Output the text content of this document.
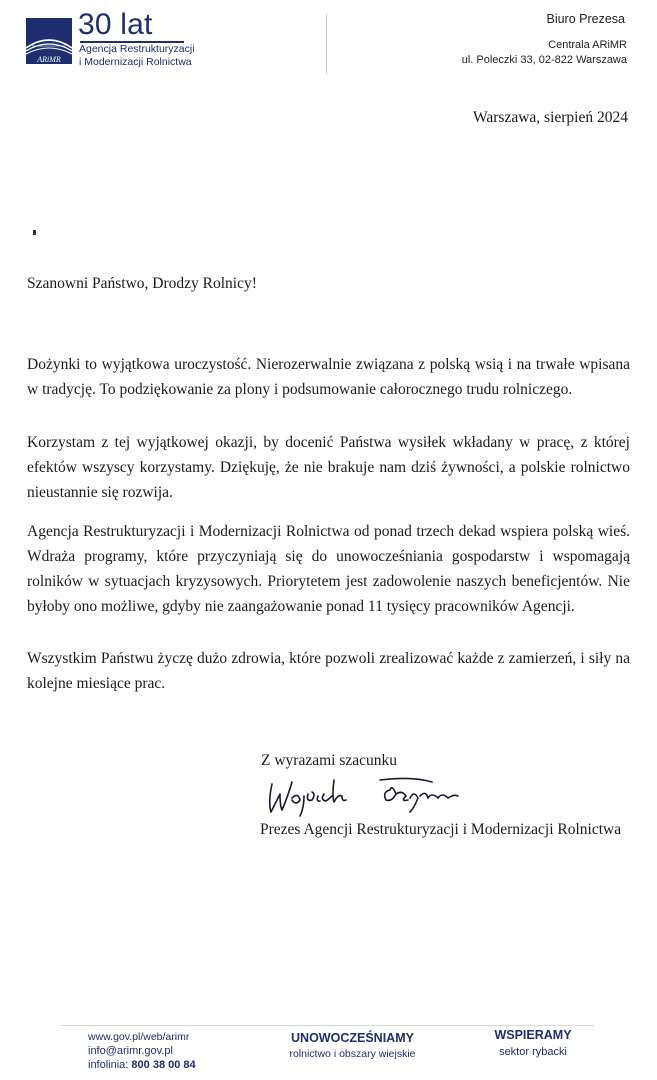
ARiMR
30 lat
Agencja Restrukturyzacji
i Modernizacji Rolnictwa
Biuro Prezesa
Centrala ARiMR
ul. Poleczki 33, 02-822 Warszawa
Warszawa, sierpień 2024
Szanowni Państwo, Drodzy Rolnicy!

Dożynki to wyjątkowa uroczystość. Nierozerwalnie związana z polską wsią i na trwałe wpisana w tradycję. To podziękowanie za plony i podsumowanie całorocznego trudu rolniczego.

Korzystam z tej wyjątkowej okazji, by docenić Państwa wysiłek wkładany w pracę, z której efektów wszyscy korzystamy. Dziękuję, że nie brakuje nam dziś żywności, a polskie rolnictwo nieustannie się rozwija.

Agencja Restrukturyzacji i Modernizacji Rolnictwa od ponad trzech dekad wspiera polską wieś. Wdraża programy, które przyczyniają się do unowocześniania gospodarstw i wspomagają rolników w sytuacjach kryzysowych. Priorytetem jest zadowolenie naszych beneficjentów. Nie byłoby ono możliwe, gdyby nie zaangażowanie ponad 11 tysięcy pracowników Agencji.

Wszystkim Państwu życzę dużo zdrowia, które pozwoli zrealizować każde z zamierzeń, i siły na kolejne miesiące prac.

Z wyrazami szacunku
Prezes Agencji Restrukturyzacji i Modernizacji Rolnictwa
www.gov.pl/web/arimr
info@arimr.gov.pl
infolinia: 800 38 00 84
UNOWOCZEŚNIAMY
rolnictwo i obszary wiejskie
WSPIERAMY
sektor rybacki
